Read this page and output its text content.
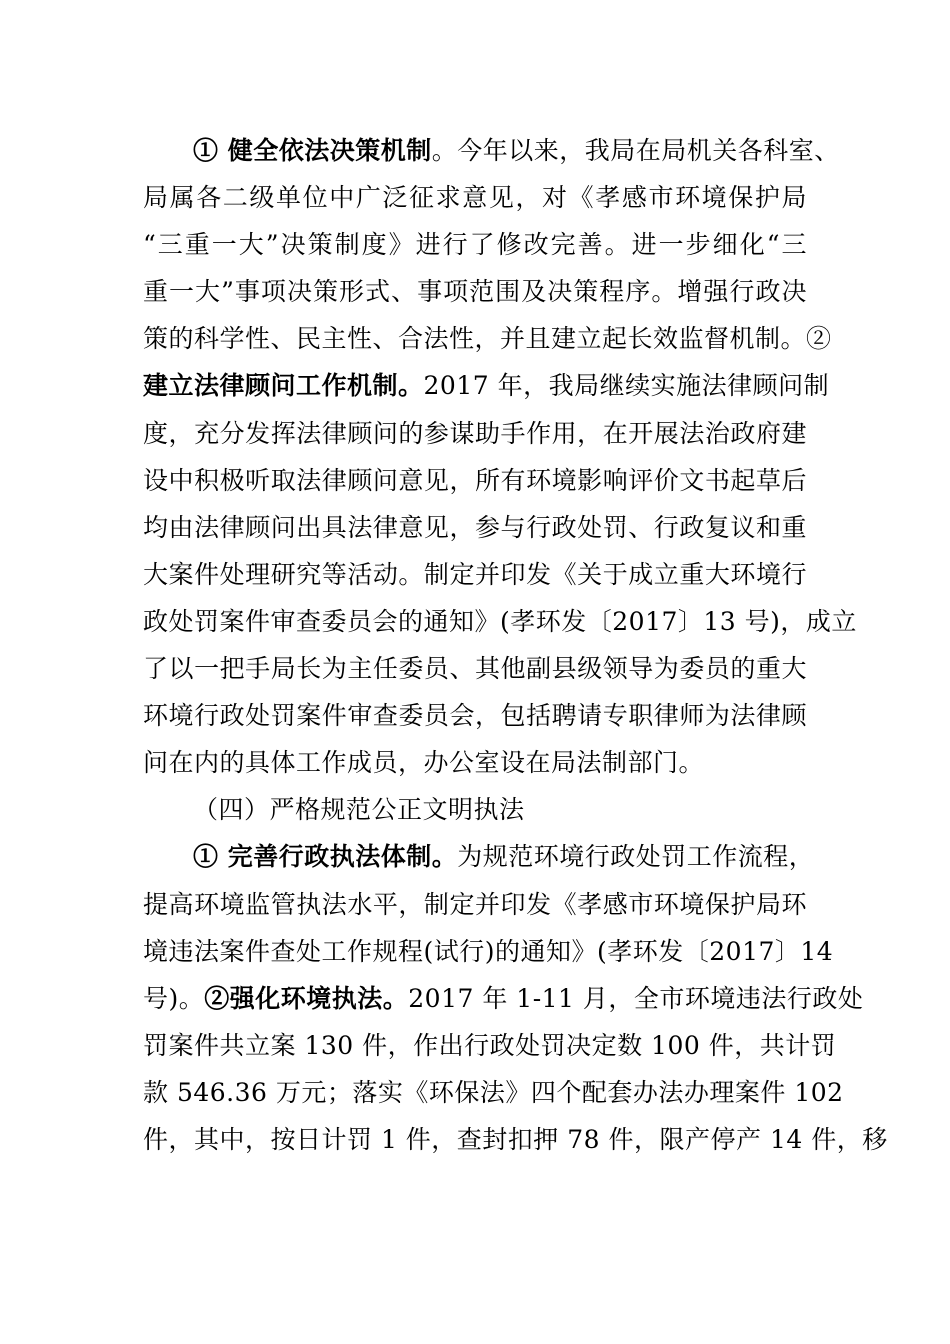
① 健全依法决策机制。今年以来，我局在局机关各科室、
局属各二级单位中广泛征求意见，对《孝感市环境保护局
“三重一大”决策制度》进行了修改完善。进一步细化“三
重一大”事项决策形式、事项范围及决策程序。增强行政决
策的科学性、民主性、合法性，并且建立起长效监督机制。②
建立法律顾问工作机制。2017 年，我局继续实施法律顾问制
度，充分发挥法律顾问的参谋助手作用，在开展法治政府建
设中积极听取法律顾问意见，所有环境影响评价文书起草后
均由法律顾问出具法律意见，参与行政处罚、行政复议和重
大案件处理研究等活动。制定并印发《关于成立重大环境行
政处罚案件审查委员会的通知》(孝环发〔2017〕13 号)，成立
了以一把手局长为主任委员、其他副县级领导为委员的重大
环境行政处罚案件审查委员会，包括聘请专职律师为法律顾
问在内的具体工作成员，办公室设在局法制部门。
（四）严格规范公正文明执法
① 完善行政执法体制。为规范环境行政处罚工作流程，
提高环境监管执法水平，制定并印发《孝感市环境保护局环
境违法案件查处工作规程(试行)的通知》(孝环发〔2017〕14
号)。②强化环境执法。2017 年 1-11 月，全市环境违法行政处
罚案件共立案 130 件，作出行政处罚决定数 100 件，共计罚
款 546.36 万元；落实《环保法》四个配套办法办理案件 102
件，其中，按日计罚 1 件，查封扣押 78 件，限产停产 14 件，移
